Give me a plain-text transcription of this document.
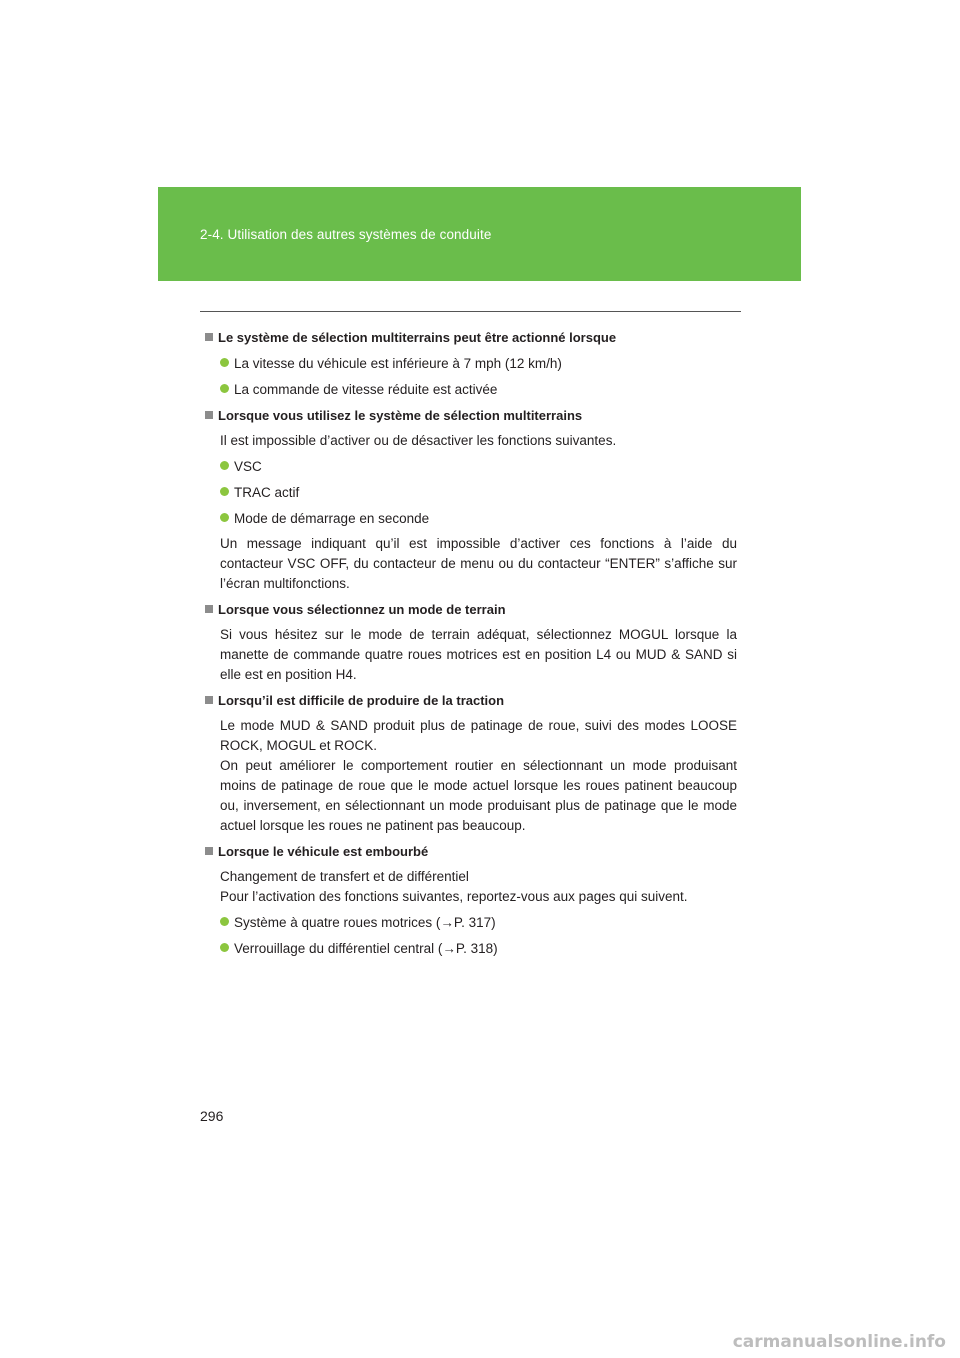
2-4. Utilisation des autres systèmes de conduite
Le système de sélection multiterrains peut être actionné lorsque
La vitesse du véhicule est inférieure à 7 mph (12 km/h)
La commande de vitesse réduite est activée
Lorsque vous utilisez le système de sélection multiterrains
Il est impossible d’activer ou de désactiver les fonctions suivantes.
VSC
TRAC actif
Mode de démarrage en seconde
Un message indiquant qu’il est impossible d’activer ces fonctions à l’aide du contacteur VSC OFF, du contacteur de menu ou du contacteur “ENTER” s’affiche sur l’écran multifonctions.
Lorsque vous sélectionnez un mode de terrain
Si vous hésitez sur le mode de terrain adéquat, sélectionnez MOGUL lorsque la manette de commande quatre roues motrices est en position L4 ou MUD & SAND si elle est en position H4.
Lorsqu’il est difficile de produire de la traction
Le mode MUD & SAND produit plus de patinage de roue, suivi des modes LOOSE ROCK, MOGUL et ROCK.
On peut améliorer le comportement routier en sélectionnant un mode produisant moins de patinage de roue que le mode actuel lorsque les roues patinent beaucoup ou, inversement, en sélectionnant un mode produisant plus de patinage que le mode actuel lorsque les roues ne patinent pas beaucoup.
Lorsque le véhicule est embourbé
Changement de transfert et de différentiel
Pour l’activation des fonctions suivantes, reportez-vous aux pages qui suivent.
Système à quatre roues motrices (→P. 317)
Verrouillage du différentiel central (→P. 318)
296
carmanualsonline.info
